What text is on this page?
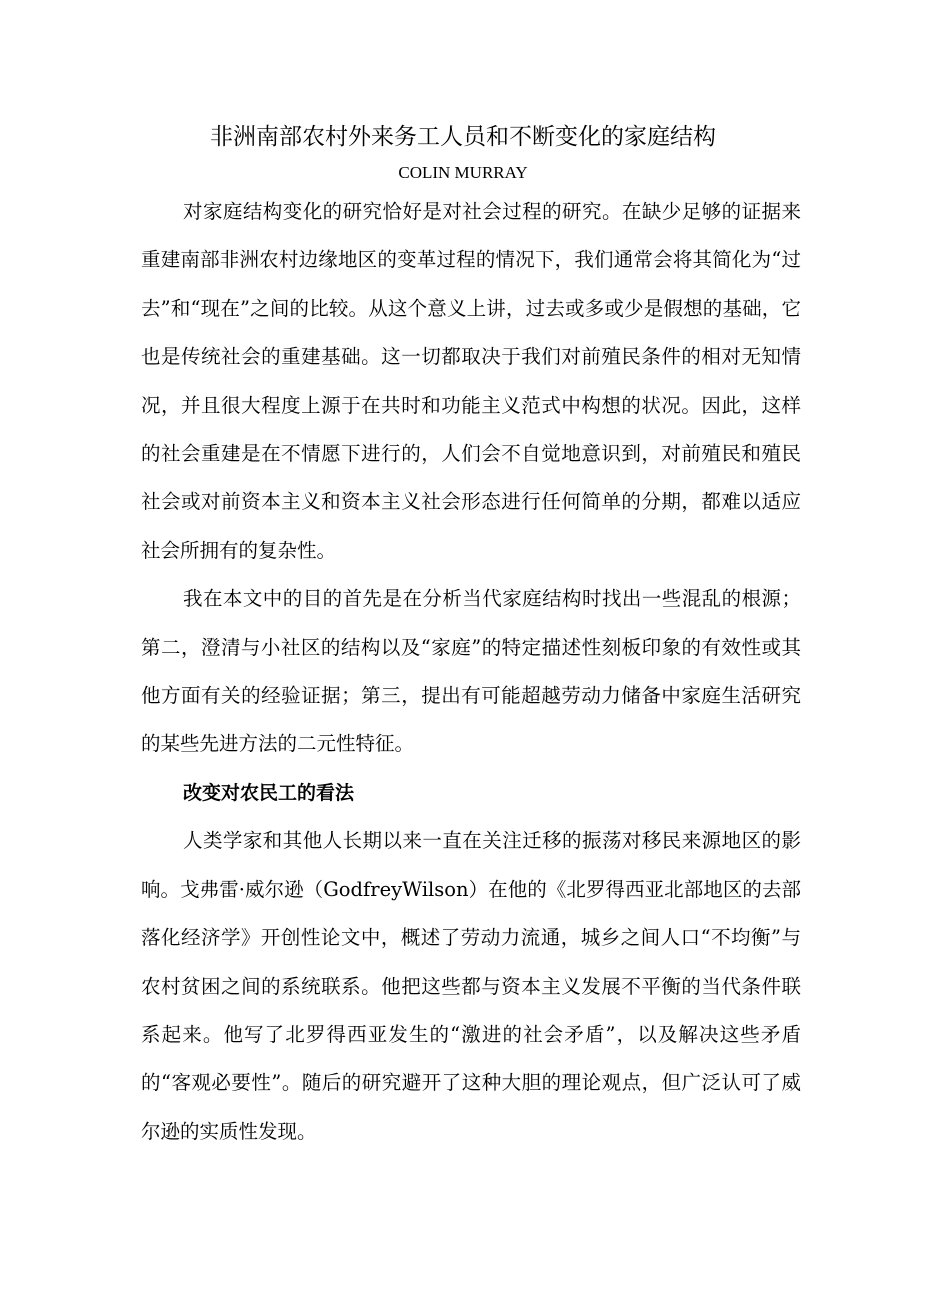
非洲南部农村外来务工人员和不断变化的家庭结构
COLIN MURRAY

对家庭结构变化的研究恰好是对社会过程的研究。在缺少足够的证据来重建南部非洲农村边缘地区的变革过程的情况下，我们通常会将其简化为“过去”和“现在”之间的比较。从这个意义上讲，过去或多或少是假想的基础，它也是传统社会的重建基础。这一切都取决于我们对前殖民条件的相对无知情况，并且很大程度上源于在共时和功能主义范式中构想的状况。因此，这样的社会重建是在不情愿下进行的，人们会不自觉地意识到，对前殖民和殖民社会或对前资本主义和资本主义社会形态进行任何简单的分期，都难以适应社会所拥有的复杂性。

我在本文中的目的首先是在分析当代家庭结构时找出一些混乱的根源；第二，澄清与小社区的结构以及“家庭”的特定描述性刻板印象的有效性或其他方面有关的经验证据；第三，提出有可能超越劳动力储备中家庭生活研究的某些先进方法的二元性特征。

改变对农民工的看法

人类学家和其他人长期以来一直在关注迁移的振荡对移民来源地区的影响。戈弗雷·威尔逊（GodfreyWilson）在他的《北罗得西亚北部地区的去部落化经济学》开创性论文中，概述了劳动力流通，城乡之间人口“不均衡”与农村贫困之间的系统联系。他把这些都与资本主义发展不平衡的当代条件联系起来。他写了北罗得西亚发生的“激进的社会矛盾”，以及解决这些矛盾的“客观必要性”。随后的研究避开了这种大胆的理论观点，但广泛认可了威尔逊的实质性发现。
